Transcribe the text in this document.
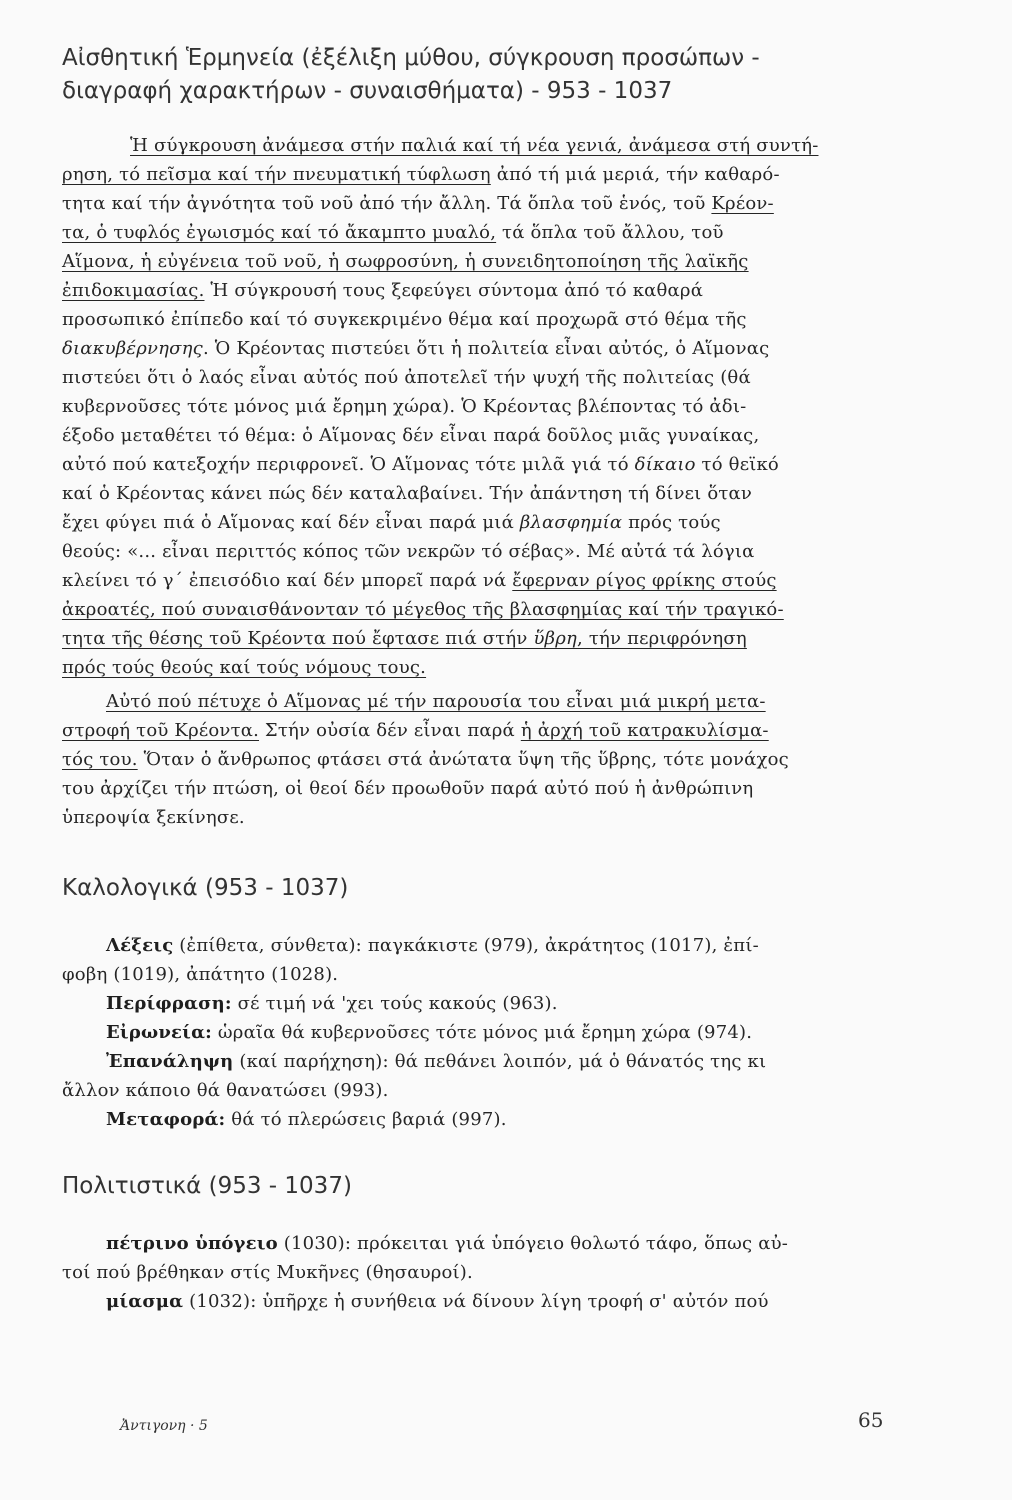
Αἰσθητική Ἑρμηνεία (ἐξέλιξη μύθου, σύγκρουση προσώπων -
διαγραφή χαρακτήρων - συναισθήματα) - 953 - 1037
Ἡ σύγκρουση ἀνάμεσα στήν παλιά καί τή νέα γενιά, ἀνάμεσα στή συντή-
ρηση, τό πεῖσμα καί τήν πνευματική τύφλωση ἀπό τή μιά μεριά, τήν καθαρό-
τητα καί τήν ἀγνότητα τοῦ νοῦ ἀπό τήν ἄλλη. Τά ὅπλα τοῦ ἑνός, τοῦ Κρέον-
τα, ὁ τυφλός ἐγωισμός καί τό ἄκαμπτο μυαλό, τά ὅπλα τοῦ ἄλλου, τοῦ
Αἵμονα, ἡ εὐγένεια τοῦ νοῦ, ἡ σωφροσύνη, ἡ συνειδητοποίηση τῆς λαϊκῆς
ἐπιδοκιμασίας. Ἡ σύγκρουσή τους ξεφεύγει σύντομα ἀπό τό καθαρά
προσωπικό ἐπίπεδο καί τό συγκεκριμένο θέμα καί προχωρᾶ στό θέμα τῆς
διακυβέρνησης. Ὁ Κρέοντας πιστεύει ὅτι ἡ πολιτεία εἶναι αὐτός, ὁ Αἵμονας
πιστεύει ὅτι ὁ λαός εἶναι αὐτός πού ἀποτελεῖ τήν ψυχή τῆς πολιτείας (θά
κυβερνοῦσες τότε μόνος μιά ἔρημη χώρα). Ὁ Κρέοντας βλέποντας τό ἀδι-
έξοδο μεταθέτει τό θέμα: ὁ Αἵμονας δέν εἶναι παρά δοῦλος μιᾶς γυναίκας,
αὐτό πού κατεξοχήν περιφρονεῖ. Ὁ Αἵμονας τότε μιλᾶ γιά τό δίκαιο τό θεϊκό
καί ὁ Κρέοντας κάνει πώς δέν καταλαβαίνει. Τήν ἀπάντηση τή δίνει ὅταν
ἔχει φύγει πιά ὁ Αἵμονας καί δέν εἶναι παρά μιά βλασφημία πρός τούς
θεούς: «... εἶναι περιττός κόπος τῶν νεκρῶν τό σέβας». Μέ αὐτά τά λόγια
κλείνει τό γ΄ ἐπεισόδιο καί δέν μπορεῖ παρά νά ἔφερναν ρίγος φρίκης στούς
ἀκροατές, πού συναισθάνονταν τό μέγεθος τῆς βλασφημίας καί τήν τραγικό-
τητα τῆς θέσης τοῦ Κρέοντα πού ἔφτασε πιά στήν ὕβρη, τήν περιφρόνηση
πρός τούς θεούς καί τούς νόμους τους.
Αὐτό πού πέτυχε ὁ Αἵμονας μέ τήν παρουσία του εἶναι μιά μικρή μετα-
στροφή τοῦ Κρέοντα. Στήν οὐσία δέν εἶναι παρά ἡ ἀρχή τοῦ κατρακυλίσμα-
τός του. Ὅταν ὁ ἄνθρωπος φτάσει στά ἀνώτατα ὕψη τῆς ὕβρης, τότε μονάχος
του ἀρχίζει τήν πτώση, οἱ θεοί δέν προωθοῦν παρά αὐτό πού ἡ ἀνθρώπινη
ὑπεροψία ξεκίνησε.
Καλολογικά (953 - 1037)
Λέξεις (ἐπίθετα, σύνθετα): παγκάκιστε (979), ἀκράτητος (1017), ἐπί-
φοβη (1019), ἀπάτητο (1028).
Περίφραση: σέ τιμή νά 'χει τούς κακούς (963).
Εἰρωνεία: ὡραῖα θά κυβερνοῦσες τότε μόνος μιά ἔρημη χώρα (974).
Ἐπανάληψη (καί παρήχηση): θά πεθάνει λοιπόν, μά ὁ θάνατός της κι
ἄλλον κάποιο θά θανατώσει (993).
Μεταφορά: θά τό πλερώσεις βαριά (997).
Πολιτιστικά (953 - 1037)
πέτρινο ὑπόγειο (1030): πρόκειται γιά ὑπόγειο θολωτό τάφο, ὅπως αὐ-
τοί πού βρέθηκαν στίς Μυκῆνες (θησαυροί).
μίασμα (1032): ὑπῆρχε ἡ συνήθεια νά δίνουν λίγη τροφή σ' αὐτόν πού
Ἀντιγονη · 5	65
